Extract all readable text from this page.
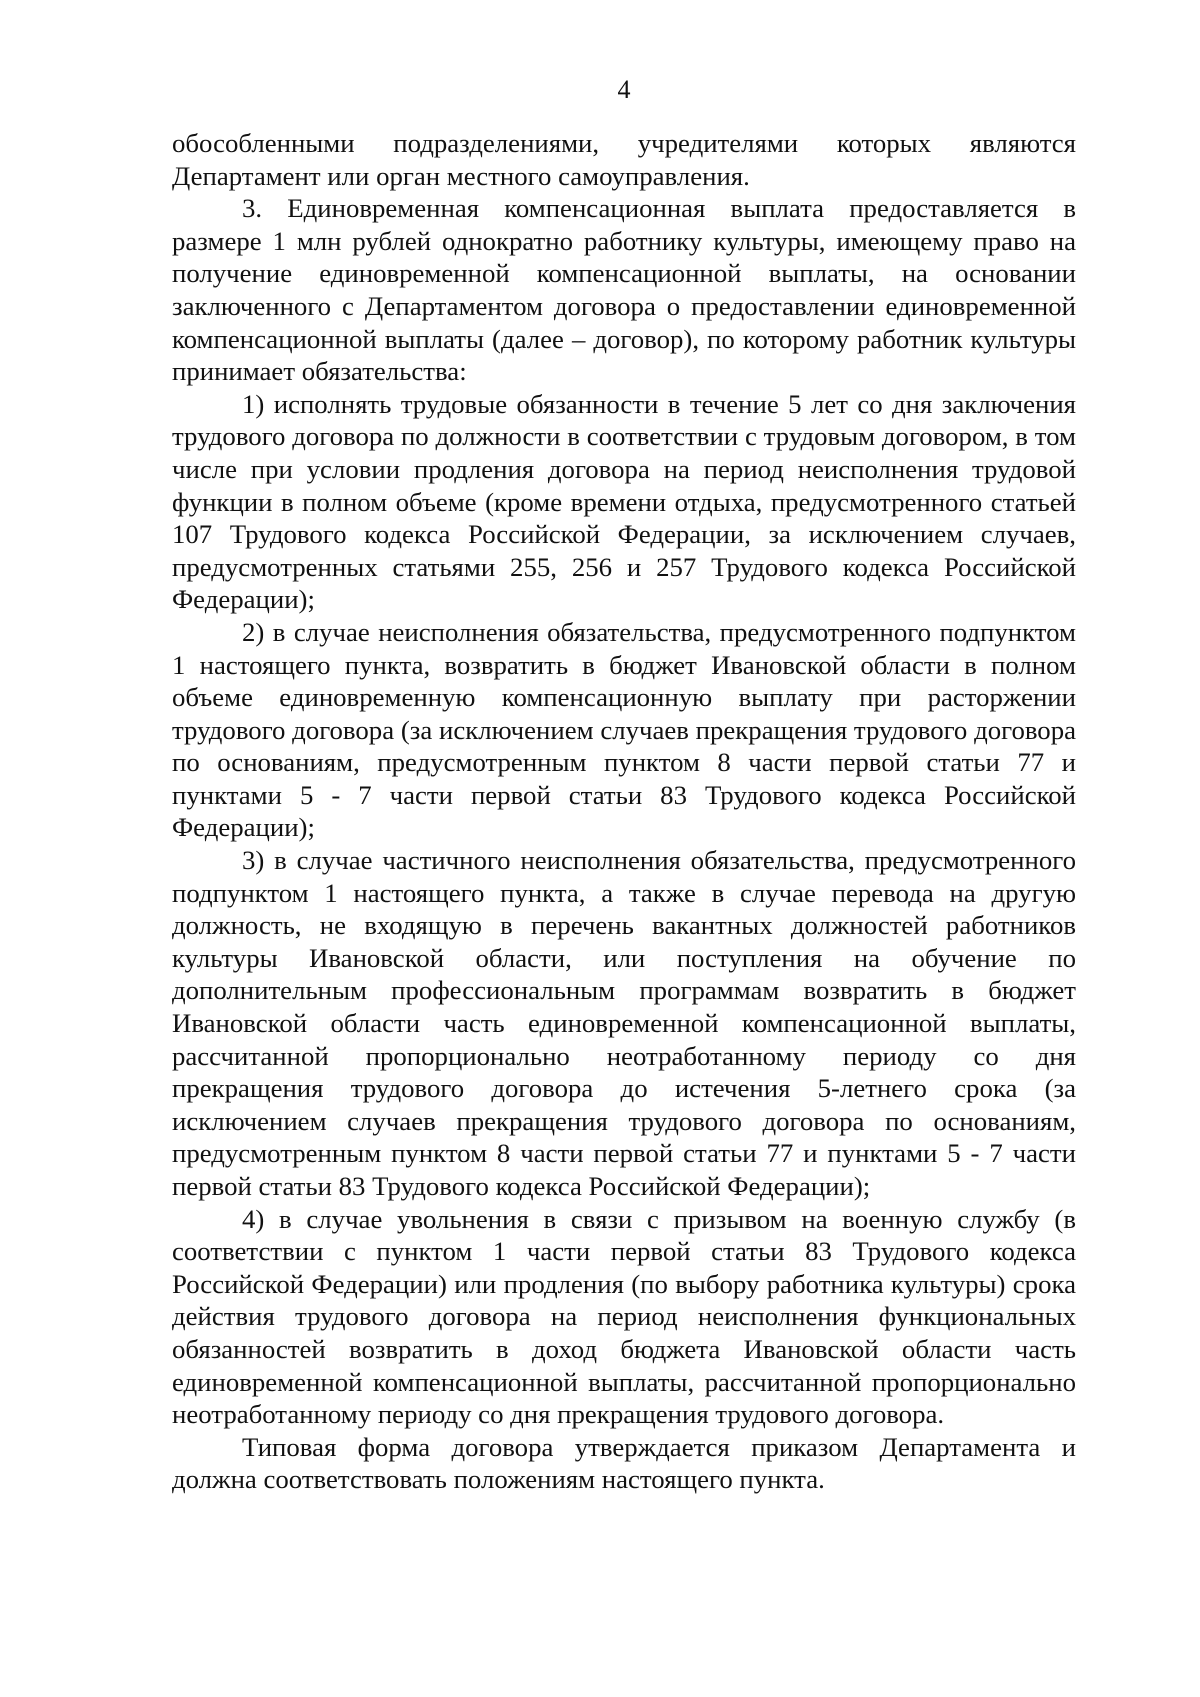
4

обособленными подразделениями, учредителями которых являются Департамент или орган местного самоуправления.

3. Единовременная компенсационная выплата предоставляется в размере 1 млн рублей однократно работнику культуры, имеющему право на получение единовременной компенсационной выплаты, на основании заключенного с Департаментом договора о предоставлении единовременной компенсационной выплаты (далее – договор), по которому работник культуры принимает обязательства:

1) исполнять трудовые обязанности в течение 5 лет со дня заключения трудового договора по должности в соответствии с трудовым договором, в том числе при условии продления договора на период неисполнения трудовой функции в полном объеме (кроме времени отдыха, предусмотренного статьей 107 Трудового кодекса Российской Федерации, за исключением случаев, предусмотренных статьями 255, 256 и 257 Трудового кодекса Российской Федерации);

2) в случае неисполнения обязательства, предусмотренного подпунктом 1 настоящего пункта, возвратить в бюджет Ивановской области в полном объеме единовременную компенсационную выплату при расторжении трудового договора (за исключением случаев прекращения трудового договора по основаниям, предусмотренным пунктом 8 части первой статьи 77 и пунктами 5 - 7 части первой статьи 83 Трудового кодекса Российской Федерации);

3) в случае частичного неисполнения обязательства, предусмотренного подпунктом 1 настоящего пункта, а также в случае перевода на другую должность, не входящую в перечень вакантных должностей работников культуры Ивановской области, или поступления на обучение по дополнительным профессиональным программам возвратить в бюджет Ивановской области часть единовременной компенсационной выплаты, рассчитанной пропорционально неотработанному периоду со дня прекращения трудового договора до истечения 5-летнего срока (за исключением случаев прекращения трудового договора по основаниям, предусмотренным пунктом 8 части первой статьи 77 и пунктами 5 - 7 части первой статьи 83 Трудового кодекса Российской Федерации);

4) в случае увольнения в связи с призывом на военную службу (в соответствии с пунктом 1 части первой статьи 83 Трудового кодекса Российской Федерации) или продления (по выбору работника культуры) срока действия трудового договора на период неисполнения функциональных обязанностей возвратить в доход бюджета Ивановской области часть единовременной компенсационной выплаты, рассчитанной пропорционально неотработанному периоду со дня прекращения трудового договора.

Типовая форма договора утверждается приказом Департамента и должна соответствовать положениям настоящего пункта.
